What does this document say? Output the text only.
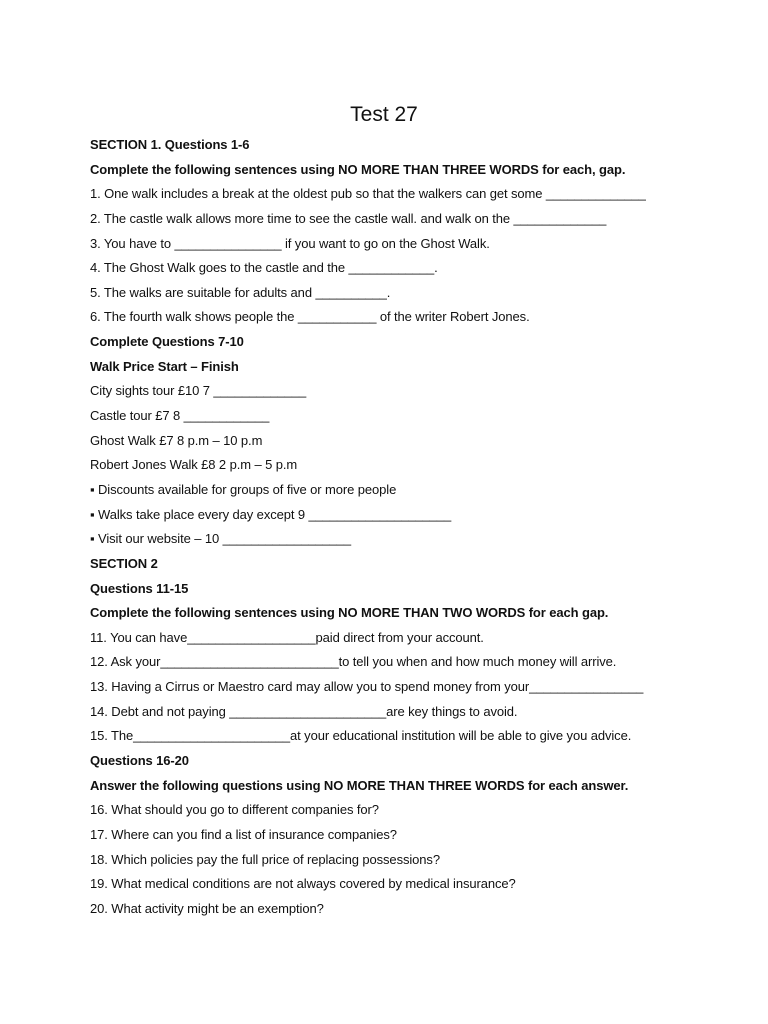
Test 27
SECTION 1. Questions 1-6
Complete the following sentences using NO MORE THAN THREE WORDS for each, gap.
1. One walk includes a break at the oldest pub so that the walkers can get some ______________
2. The castle walk allows more time to see the castle wall. and walk on the _____________
3. You have to _______________ if you want to go on the Ghost Walk.
4. The Ghost Walk goes to the castle and the ____________.
5. The walks are suitable for adults and __________.
6. The fourth walk shows people the ___________ of the writer Robert Jones.
Complete Questions 7-10
Walk Price Start – Finish
City sights tour £10 7 _____________
Castle tour £7 8 ____________
Ghost Walk £7 8 p.m – 10 p.m
Robert Jones Walk £8 2 p.m – 5 p.m
▪ Discounts available for groups of five or more people
▪ Walks take place every day except 9 ____________________
▪ Visit our website – 10 __________________
SECTION 2
Questions 11-15
Complete the following sentences using NO MORE THAN TWO WORDS for each gap.
11. You can have__________________paid direct from your account.
12. Ask your_________________________to tell you when and how much money will arrive.
13. Having a Cirrus or Maestro card may allow you to spend money from your________________
14. Debt and not paying ______________________are key things to avoid.
15. The______________________at your educational institution will be able to give you advice.
Questions 16-20
Answer the following questions using NO MORE THAN THREE WORDS for each answer.
16. What should you go to different companies for?
17. Where can you find a list of insurance companies?
18. Which policies pay the full price of replacing possessions?
19. What medical conditions are not always covered by medical insurance?
20. What activity might be an exemption?
